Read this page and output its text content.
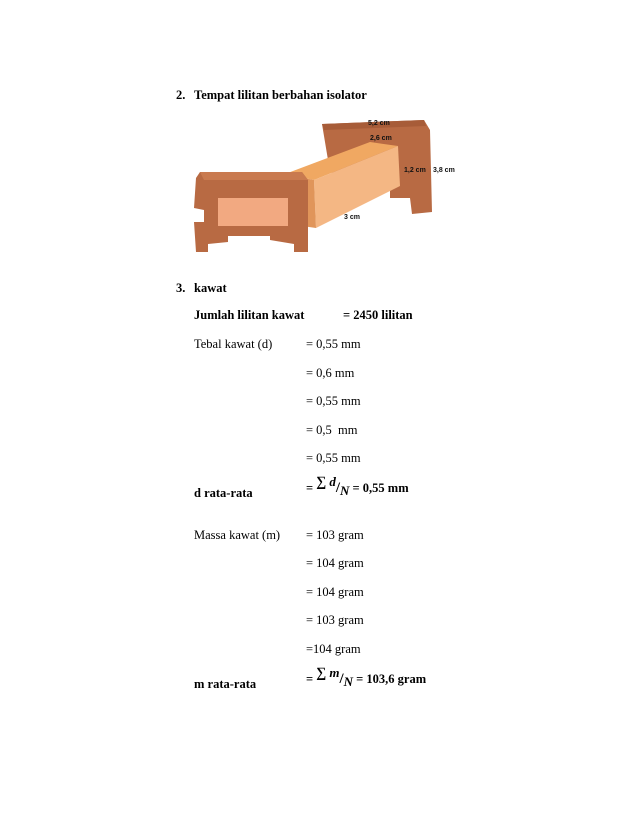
2. Tempat lilitan berbahan isolator
5,2 cm
2,6 cm
1,2 cm 3,8 cm
3 cm
3. kawat
Jumlah lilitan kawat	= 2450 lilitan
Tebal kawat (d)	= 0,55 mm
= 0,6 mm
= 0,55 mm
= 0,5  mm
= 0,55 mm
d rata-rata	= ∑ d/N = 0,55 mm
Massa kawat (m) = 103 gram
= 104 gram
= 104 gram
= 103 gram
=104 gram
m rata-rata	= ∑ m/N = 103,6 gram
